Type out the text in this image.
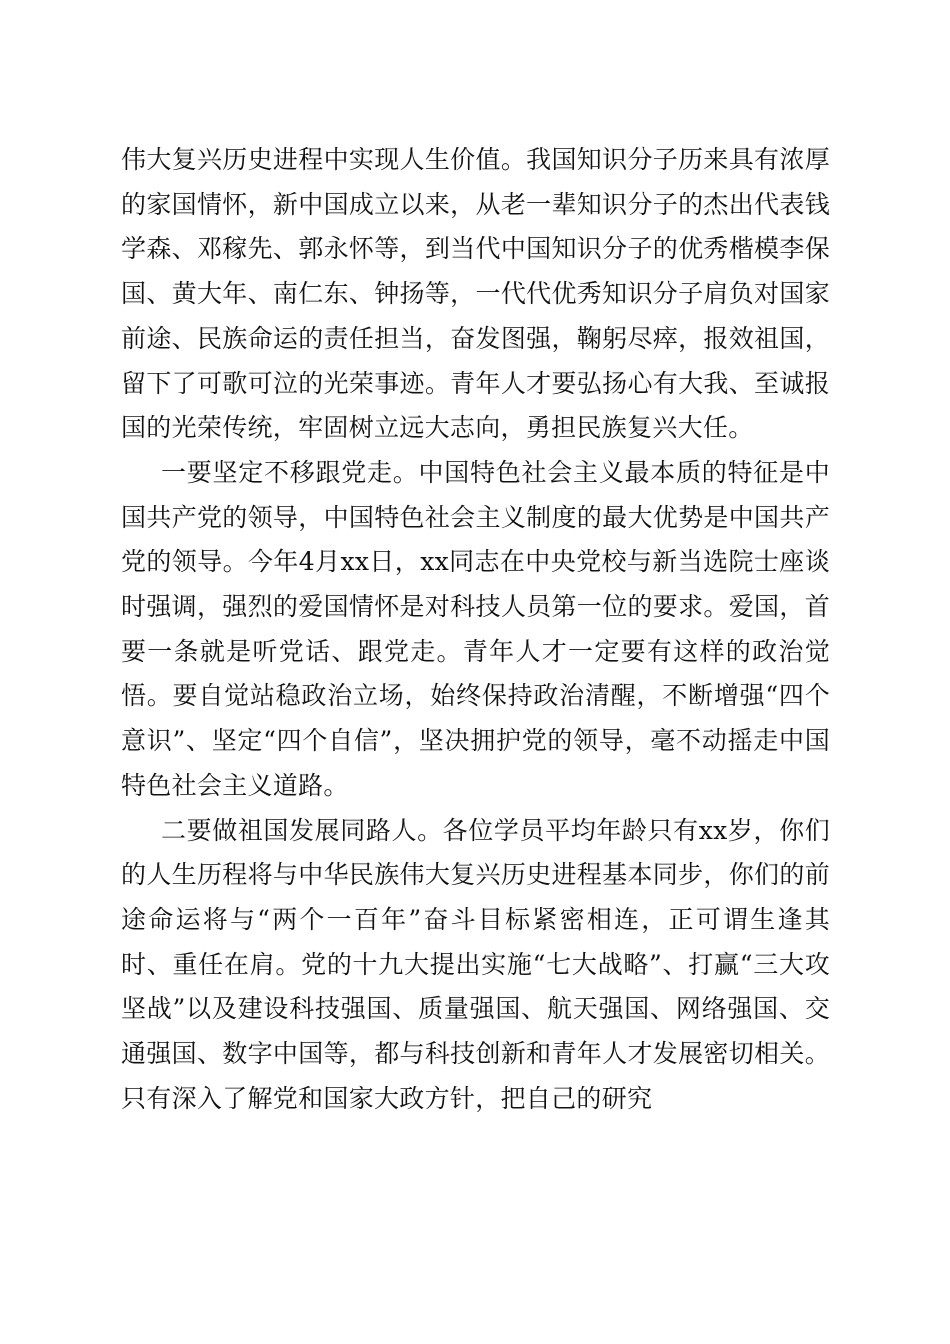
伟大复兴历史进程中实现人生价值。我国知识分子历来具有浓厚的家国情怀，新中国成立以来，从老一辈知识分子的杰出代表钱学森、邓稼先、郭永怀等，到当代中国知识分子的优秀楷模李保国、黄大年、南仁东、钟扬等，一代代优秀知识分子肩负对国家前途、民族命运的责任担当，奋发图强，鞠躬尽瘁，报效祖国，留下了可歌可泣的光荣事迹。青年人才要弘扬心有大我、至诚报国的光荣传统，牢固树立远大志向，勇担民族复兴大任。

一要坚定不移跟党走。中国特色社会主义最本质的特征是中国共产党的领导，中国特色社会主义制度的最大优势是中国共产党的领导。今年4月xx日，xx同志在中央党校与新当选院士座谈时强调，强烈的爱国情怀是对科技人员第一位的要求。爱国，首要一条就是听党话、跟党走。青年人才一定要有这样的政治觉悟。要自觉站稳政治立场，始终保持政治清醒，不断增强“四个意识”、坚定“四个自信”，坚决拥护党的领导，毫不动摇走中国特色社会主义道路。

二要做祖国发展同路人。各位学员平均年龄只有xx岁，你们的人生历程将与中华民族伟大复兴历史进程基本同步，你们的前途命运将与“两个一百年”奋斗目标紧密相连，正可谓生逢其时、重任在肩。党的十九大提出实施“七大战略”、打赢“三大攻坚战”以及建设科技强国、质量强国、航天强国、网络强国、交通强国、数字中国等，都与科技创新和青年人才发展密切相关。只有深入了解党和国家大政方针，把自己的研究
